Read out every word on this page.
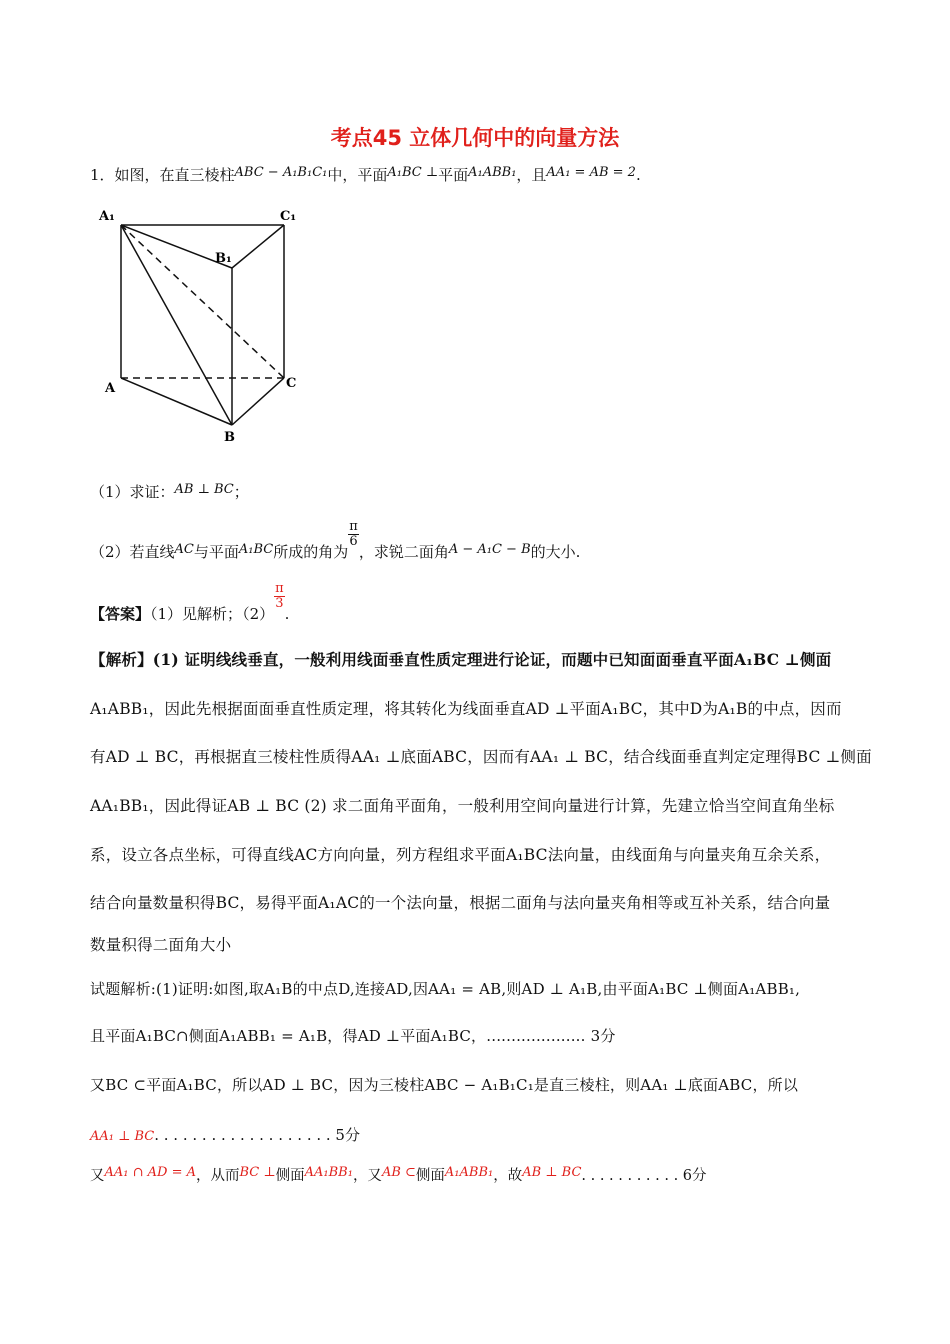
考点45 立体几何中的向量方法
1．如图，在直三棱柱ABC − A₁B₁C₁中，平面A₁BC ⊥平面A₁ABB₁，且AA₁ = AB = 2.
A₁	C₁
B₁
A	C
B
（1）求证：AB ⊥ BC；
（2）若直线AC与平面A₁BC所成的角为
$\frac{\pi}{6}$
，求锐二面角A − A₁C − B的大小.
【答案】（1）见解析；（2）
$\frac{\pi}{3}$
.
【解析】(1) 证明线线垂直，一般利用线面垂直性质定理进行论证，而题中已知面面垂直平面A₁BC ⊥侧面
A₁ABB₁，因此先根据面面垂直性质定理，将其转化为线面垂直AD ⊥平面A₁BC，其中D为A₁B的中点，因而
有AD ⊥ BC，再根据直三棱柱性质得AA₁ ⊥底面ABC，因而有AA₁ ⊥ BC，结合线面垂直判定定理得BC ⊥侧面
AA₁BB₁，因此得证AB ⊥ BC (2) 求二面角平面角，一般利用空间向量进行计算，先建立恰当空间直角坐标
系，设立各点坐标，可得直线AC方向向量，列方程组求平面A₁BC法向量，由线面角与向量夹角互余关系，
结合向量数量积得BC，易得平面A₁AC的一个法向量，根据二面角与法向量夹角相等或互补关系，结合向量
数量积得二面角大小
试题解析:(1)证明:如图,取A₁B的中点D,连接AD,因AA₁ = AB,则AD ⊥ A₁B,由平面A₁BC ⊥侧面A₁ABB₁,
且平面A₁BC∩侧面A₁ABB₁ = A₁B，得AD ⊥平面A₁BC，.................... 3分
又BC ⊂平面A₁BC，所以AD ⊥ BC，因为三棱柱ABC − A₁B₁C₁是直三棱柱，则AA₁ ⊥底面ABC，所以
AA₁ ⊥ BC. . . . . . . . . . . . . . . . . . . 5分
又AA₁ ∩ AD = A，从而BC ⊥侧面AA₁BB₁，又AB ⊂侧面A₁ABB₁，故AB ⊥ BC. . . . . . . . . . . 6分
